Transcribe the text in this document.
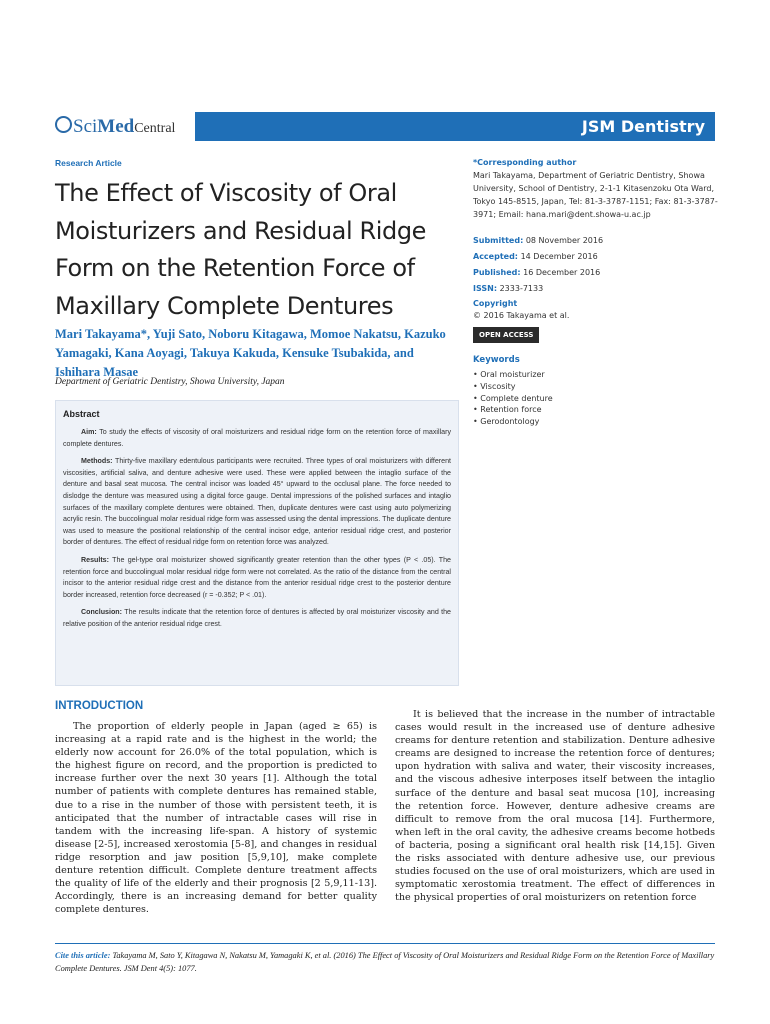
SciMedCentral	JSM Dentistry
Research Article
The Effect of Viscosity of Oral Moisturizers and Residual Ridge Form on the Retention Force of Maxillary Complete Dentures
Mari Takayama*, Yuji Sato, Noboru Kitagawa, Momoe Nakatsu, Kazuko Yamagaki, Kana Aoyagi, Takuya Kakuda, Kensuke Tsubakida, and Ishihara Masae
Department of Geriatric Dentistry, Showa University, Japan
*Corresponding author
Mari Takayama, Department of Geriatric Dentistry, Showa University, School of Dentistry, 2-1-1 Kitasenzoku Ota Ward, Tokyo 145-8515, Japan, Tel: 81-3-3787-1151; Fax: 81-3-3787-3971; Email: hana.mari@dent.showa-u.ac.jp
Submitted: 08 November 2016
Accepted: 14 December 2016
Published: 16 December 2016
ISSN: 2333-7133
Copyright
© 2016 Takayama et al.
OPEN ACCESS
Keywords
• Oral moisturizer
• Viscosity
• Complete denture
• Retention force
• Gerodontology
Abstract

Aim: To study the effects of viscosity of oral moisturizers and residual ridge form on the retention force of maxillary complete dentures.

Methods: Thirty-five maxillary edentulous participants were recruited. Three types of oral moisturizers with different viscosities, artificial saliva, and denture adhesive were used. These were applied between the intaglio surface of the denture and basal seat mucosa. The central incisor was loaded 45° upward to the occlusal plane. The force needed to dislodge the denture was measured using a digital force gauge. Dental impressions of the polished surfaces and intaglio surfaces of the maxillary complete dentures were obtained. Then, duplicate dentures were cast using auto polymerizing acrylic resin. The buccolingual molar residual ridge form was assessed using the dental impressions. The duplicate denture was used to measure the positional relationship of the central incisor edge, anterior residual ridge crest, and posterior border of dentures. The effect of residual ridge form on retention force was analyzed.

Results: The gel-type oral moisturizer showed significantly greater retention than the other types (P < .05). The retention force and buccolingual molar residual ridge form were not correlated. As the ratio of the distance from the central incisor to the anterior residual ridge crest and the distance from the anterior residual ridge crest to the posterior denture border increased, retention force decreased (r = -0.352; P < .01).

Conclusion: The results indicate that the retention force of dentures is affected by oral moisturizer viscosity and the relative position of the anterior residual ridge crest.

INTRODUCTION
The proportion of elderly people in Japan (aged ≥ 65) is increasing at a rapid rate and is the highest in the world; the elderly now account for 26.0% of the total population, which is the highest figure on record, and the proportion is predicted to increase further over the next 30 years [1]. Although the total number of patients with complete dentures has remained stable, due to a rise in the number of those with persistent teeth, it is anticipated that the number of intractable cases will rise in tandem with the increasing life-span. A history of systemic disease [2-5], increased xerostomia [5-8], and changes in residual ridge resorption and jaw position [5,9,10], make complete denture retention difficult. Complete denture treatment affects the quality of life of the elderly and their prognosis [2 5,9,11-13]. Accordingly, there is an increasing demand for better quality complete dentures.
It is believed that the increase in the number of intractable cases would result in the increased use of denture adhesive creams for denture retention and stabilization. Denture adhesive creams are designed to increase the retention force of dentures; upon hydration with saliva and water, their viscosity increases, and the viscous adhesive interposes itself between the intaglio surface of the denture and basal seat mucosa [10], increasing the retention force. However, denture adhesive creams are difficult to remove from the oral mucosa [14]. Furthermore, when left in the oral cavity, the adhesive creams become hotbeds of bacteria, posing a significant oral health risk [14,15]. Given the risks associated with denture adhesive use, our previous studies focused on the use of oral moisturizers, which are used in symptomatic xerostomia treatment. The effect of differences in the physical properties of oral moisturizers on retention force
Cite this article: Takayama M, Sato Y, Kitagawa N, Nakatsu M, Yamagaki K, et al. (2016) The Effect of Viscosity of Oral Moisturizers and Residual Ridge Form on the Retention Force of Maxillary Complete Dentures. JSM Dent 4(5): 1077.
